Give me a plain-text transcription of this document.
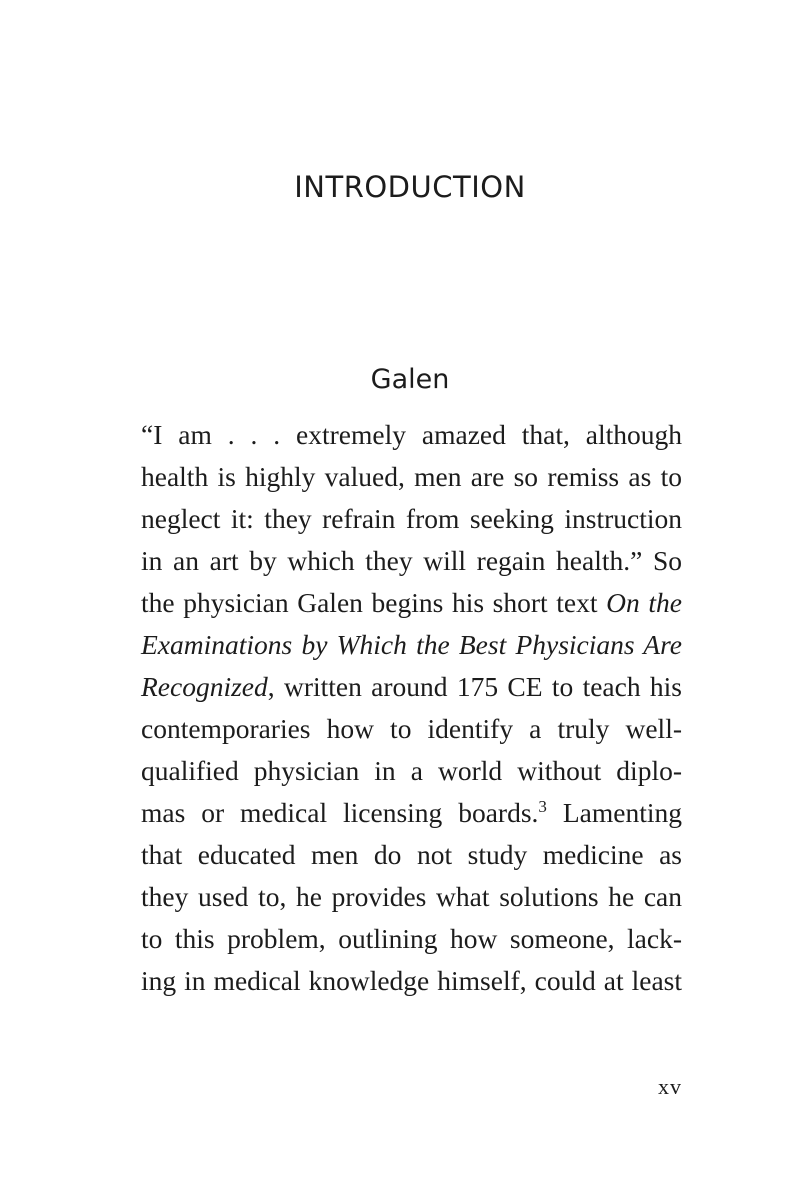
INTRODUCTION
Galen
“I am . . . extremely amazed that, although
health is highly valued, men are so remiss as to
neglect it: they refrain from seeking instruction
in an art by which they will regain health.” So
the physician Galen begins his short text On the
Examinations by Which the Best Physicians Are
Recognized, written around 175 CE to teach his
contemporaries how to identify a truly well-
qualified physician in a world without diplo-
mas or medical licensing boards.$^3$ Lamenting
that educated men do not study medicine as
they used to, he provides what solutions he can
to this problem, outlining how someone, lack-
ing in medical knowledge himself, could at least
xv
